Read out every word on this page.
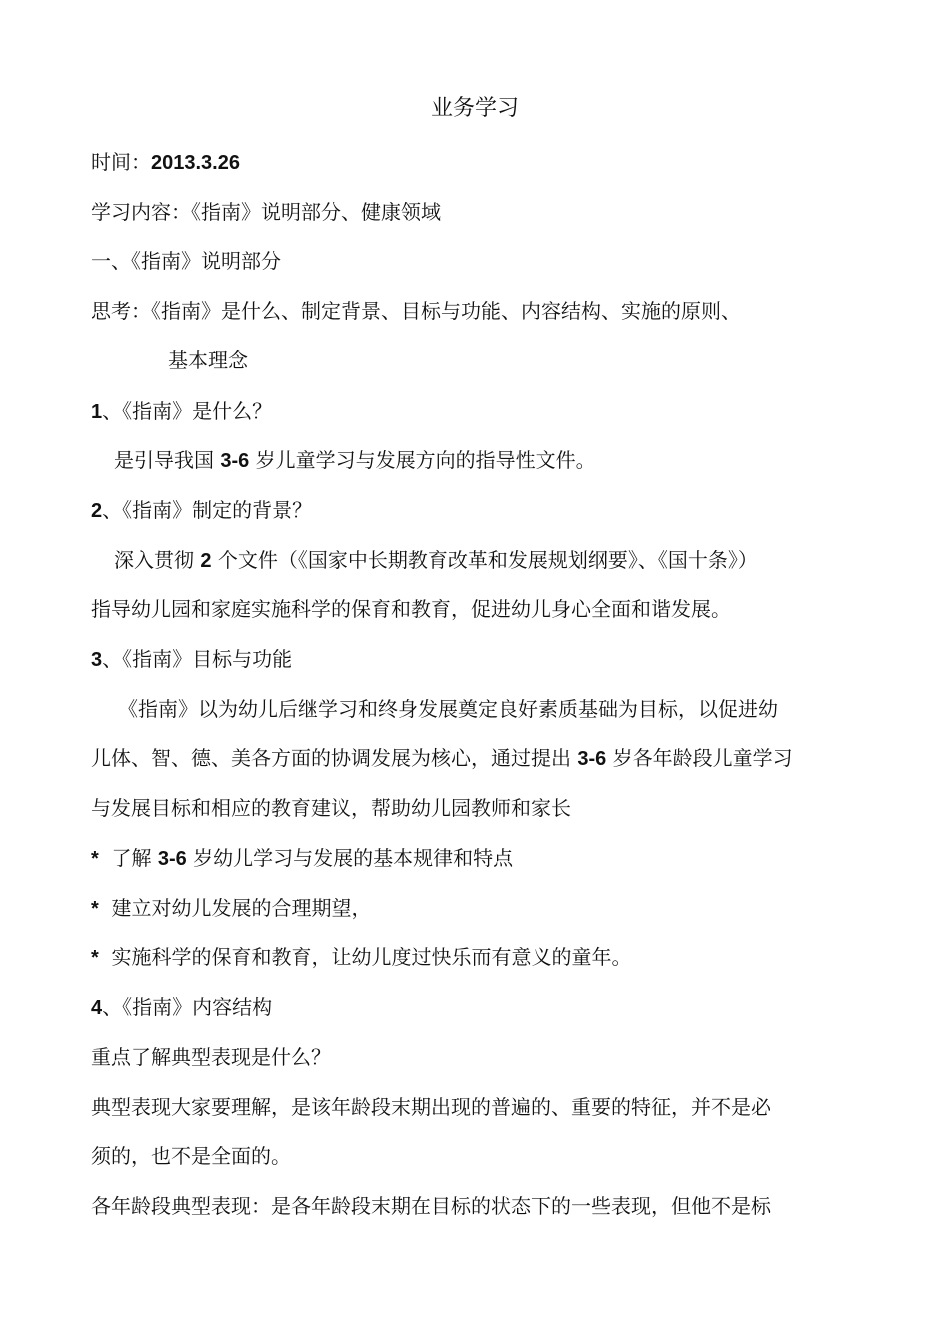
业务学习
时间：2013.3.26
学习内容：《指南》说明部分、健康领域
一、《指南》说明部分
思考：《指南》是什么、制定背景、目标与功能、内容结构、实施的原则、
基本理念
1、《指南》是什么？
是引导我国 3-6 岁儿童学习与发展方向的指导性文件。
2、《指南》制定的背景？
深入贯彻 2 个文件（《国家中长期教育改革和发展规划纲要》、《国十条》）
指导幼儿园和家庭实施科学的保育和教育，促进幼儿身心全面和谐发展。
3、《指南》目标与功能
《指南》以为幼儿后继学习和终身发展奠定良好素质基础为目标，以促进幼
儿体、智、德、美各方面的协调发展为核心，通过提出 3-6 岁各年龄段儿童学习
与发展目标和相应的教育建议，帮助幼儿园教师和家长
* 了解 3-6 岁幼儿学习与发展的基本规律和特点
* 建立对幼儿发展的合理期望，
* 实施科学的保育和教育，让幼儿度过快乐而有意义的童年。
4、《指南》内容结构
重点了解典型表现是什么？
典型表现大家要理解，是该年龄段末期出现的普遍的、重要的特征，并不是必
须的，也不是全面的。
各年龄段典型表现：是各年龄段末期在目标的状态下的一些表现，但他不是标
